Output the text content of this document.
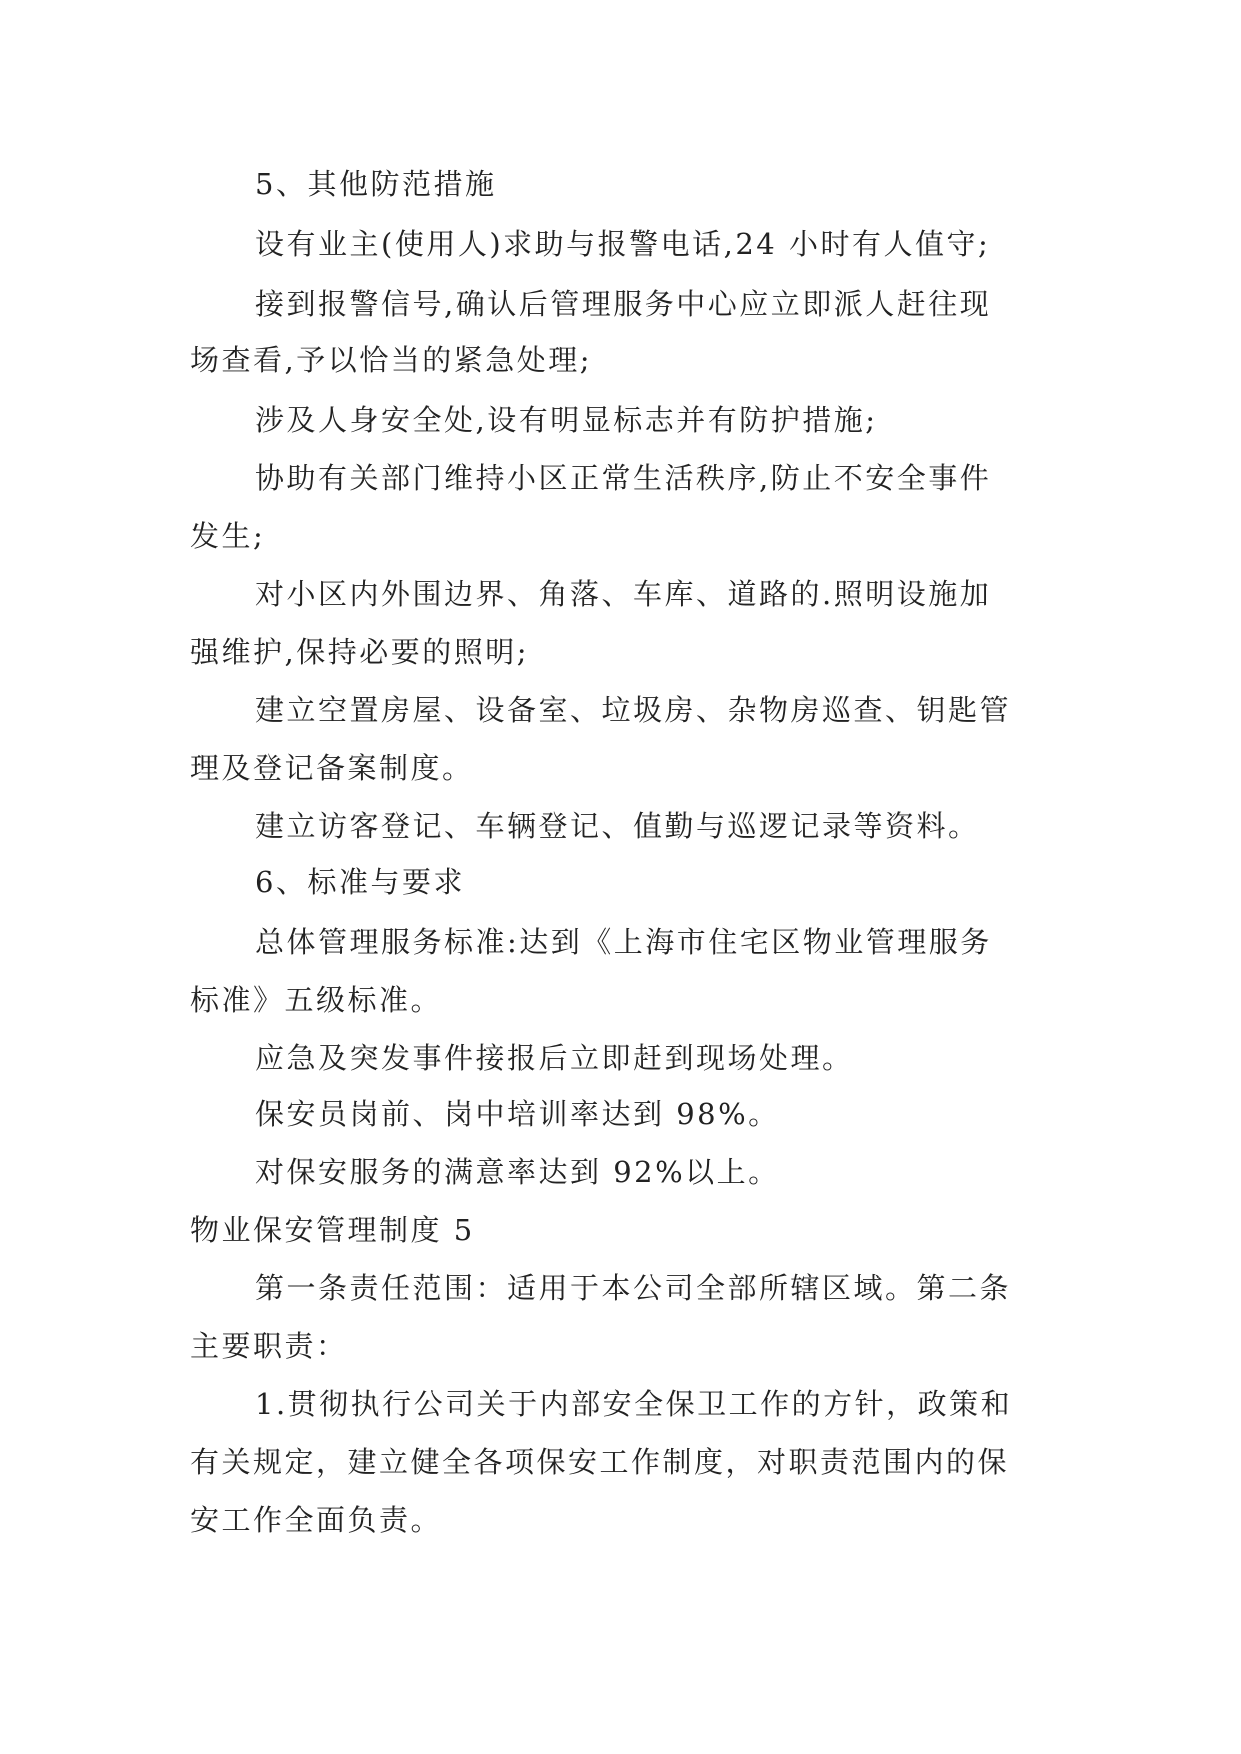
5、其他防范措施
设有业主(使用人)求助与报警电话,24 小时有人值守;
接到报警信号,确认后管理服务中心应立即派人赶往现
场查看,予以恰当的紧急处理;
涉及人身安全处,设有明显标志并有防护措施;
协助有关部门维持小区正常生活秩序,防止不安全事件
发生;
对小区内外围边界、角落、车库、道路的.照明设施加
强维护,保持必要的照明;
建立空置房屋、设备室、垃圾房、杂物房巡查、钥匙管
理及登记备案制度。
建立访客登记、车辆登记、值勤与巡逻记录等资料。
6、标准与要求
总体管理服务标准:达到《上海市住宅区物业管理服务
标准》五级标准。
应急及突发事件接报后立即赶到现场处理。
保安员岗前、岗中培训率达到 98%。
对保安服务的满意率达到 92%以上。
物业保安管理制度 5
第一条责任范围：适用于本公司全部所辖区域。第二条
主要职责：
1.贯彻执行公司关于内部安全保卫工作的方针，政策和
有关规定，建立健全各项保安工作制度，对职责范围内的保
安工作全面负责。
